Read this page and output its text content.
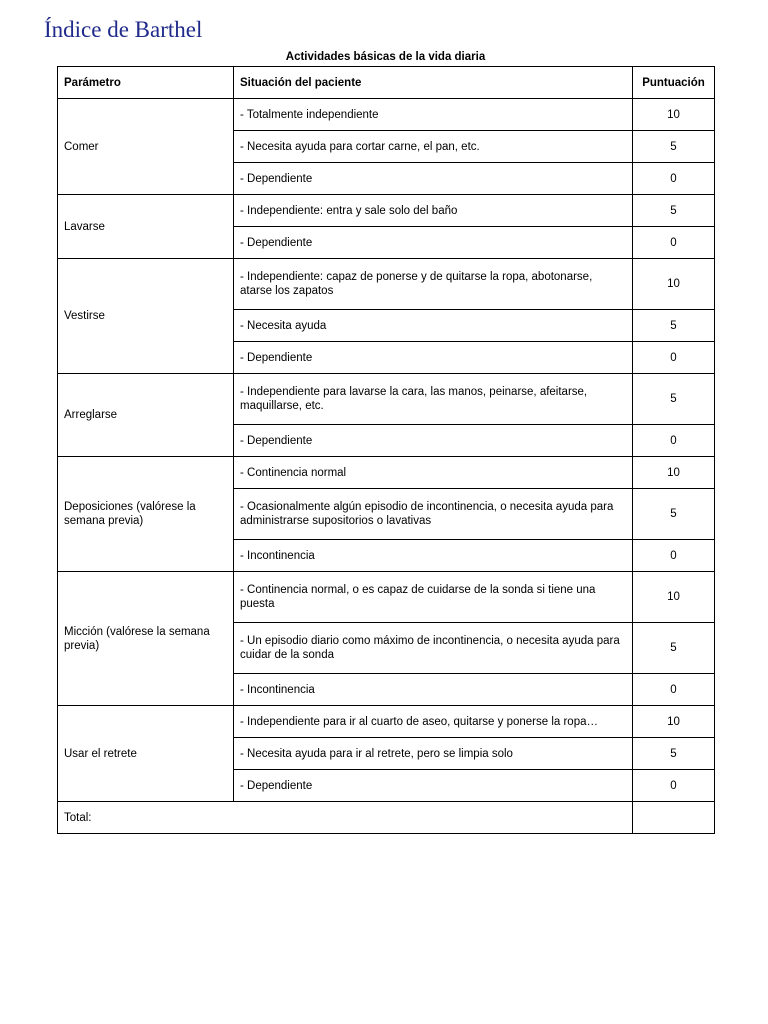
Índice de Barthel
Actividades básicas de la vida diaria
Parámetro	Situación del paciente	Puntuación
Comer	- Totalmente independiente	10
	- Necesita ayuda para cortar carne, el pan, etc.	5
	- Dependiente	0
Lavarse	- Independiente: entra y sale solo del baño	5
	- Dependiente	0
Vestirse	- Independiente: capaz de ponerse y de quitarse la ropa, abotonarse, atarse los zapatos	10
	- Necesita ayuda	5
	- Dependiente	0
Arreglarse	- Independiente para lavarse la cara, las manos, peinarse, afeitarse, maquillarse, etc.	5
	- Dependiente	0
Deposiciones (valórese la semana previa)	- Continencia normal	10
	- Ocasionalmente algún episodio de incontinencia, o necesita ayuda para administrarse supositorios o lavativas	5
	- Incontinencia	0
Micción (valórese la semana previa)	- Continencia normal, o es capaz de cuidarse de la sonda si tiene una puesta	10
	- Un episodio diario como máximo de incontinencia, o necesita ayuda para cuidar de la sonda	5
	- Incontinencia	0
Usar el retrete	- Independiente para ir al cuarto de aseo, quitarse y ponerse la ropa…	10
	- Necesita ayuda para ir al retrete, pero se limpia solo	5
	- Dependiente	0
Total:		
